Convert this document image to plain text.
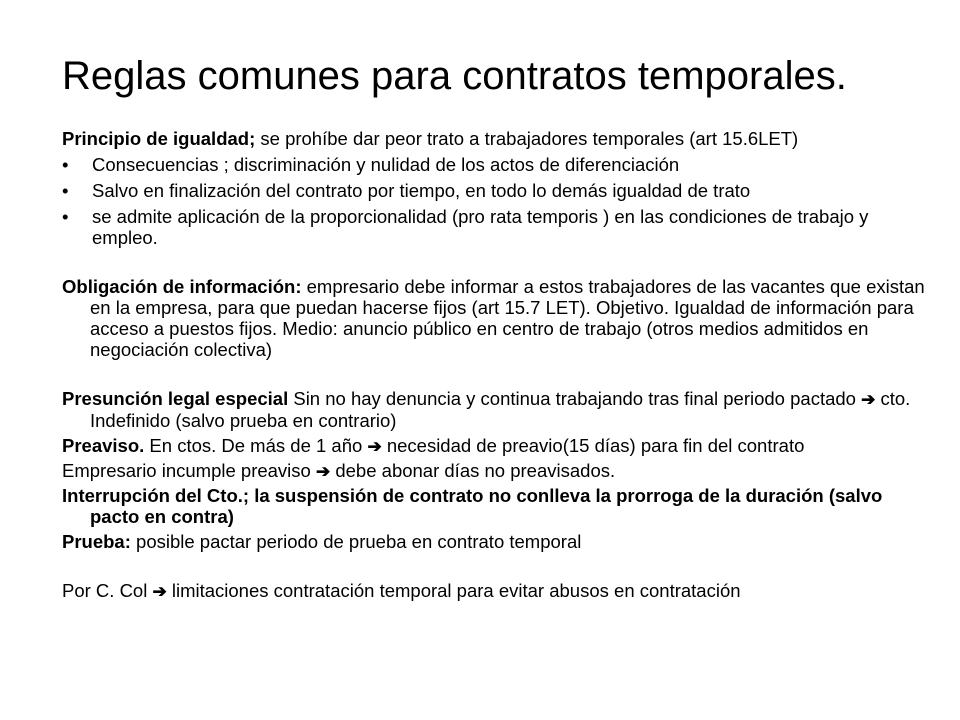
Reglas comunes para contratos temporales.

Principio de igualdad; se prohíbe dar peor trato a trabajadores temporales (art 15.6LET)

• Consecuencias ; discriminación y nulidad de los actos de diferenciación

• Salvo en finalización del contrato por tiempo, en todo lo demás igualdad de trato

• se admite aplicación de la proporcionalidad (pro rata temporis ) en las condiciones de trabajo y empleo.

Obligación de información: empresario debe informar a estos trabajadores de las vacantes que existan en la empresa, para que puedan hacerse fijos (art 15.7 LET). Objetivo. Igualdad de información para acceso a puestos fijos. Medio: anuncio público en centro de trabajo (otros medios admitidos en negociación colectiva)

Presunción legal especial Sin no hay denuncia y continua trabajando tras final periodo pactado ➔ cto. Indefinido (salvo prueba en contrario)

Preaviso. En ctos. De más de 1 año ➔ necesidad de preavio(15 días) para fin del contrato

Empresario incumple preaviso ➔ debe abonar días no preavisados.

Interrupción del Cto.; la suspensión de contrato no conlleva la prorroga de la duración (salvo pacto en contra)

Prueba: posible pactar periodo de prueba en contrato temporal

Por C. Col ➔ limitaciones contratación temporal para evitar abusos en contratación
